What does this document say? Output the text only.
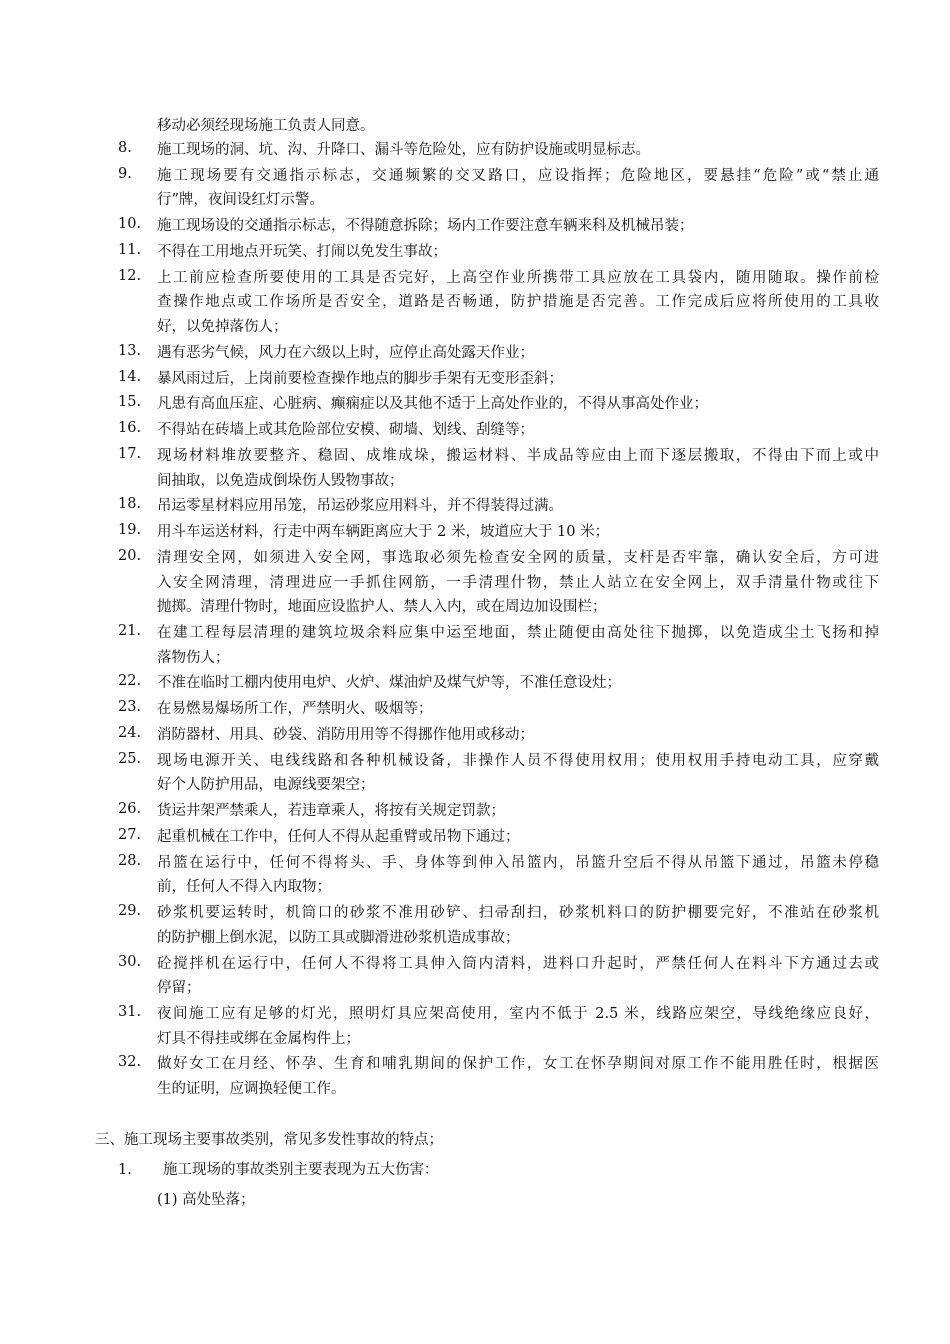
移动必须经现场施工负责人同意。
8.	施工现场的洞、坑、沟、升降口、漏斗等危险处，应有防护设施或明显标志。
9.	施工现场要有交通指示标志，交通频繁的交叉路口，应设指挥；危险地区，要悬挂“危险”或“禁止通
行”牌，夜间设红灯示警。
10.	施工现场设的交通指示标志，不得随意拆除；场内工作要注意车辆来科及机械吊装；
11.	不得在工用地点开玩笑、打闹以免发生事故；
12.	上工前应检查所要使用的工具是否完好，上高空作业所携带工具应放在工具袋内，随用随取。操作前检
查操作地点或工作场所是否安全，道路是否畅通，防护措施是否完善。工作完成后应将所使用的工具收
好，以免掉落伤人；
13.	遇有恶劣气候，风力在六级以上时，应停止高处露天作业；
14.	暴风雨过后，上岗前要检查操作地点的脚步手架有无变形歪斜；
15.	凡患有高血压症、心脏病、癫痫症以及其他不适于上高处作业的，不得从事高处作业；
16.	不得站在砖墙上或其危险部位安模、砌墙、划线、刮缝等；
17.	现场材料堆放要整齐、稳固、成堆成垛，搬运材料、半成品等应由上而下逐层搬取，不得由下而上或中
间抽取，以免造成倒垛伤人毁物事故；
18.	吊运零星材料应用吊笼，吊运砂浆应用料斗，并不得装得过满。
19.	用斗车运送材料，行走中两车辆距离应大于 2 米，坡道应大于 10 米；
20.	清理安全网，如须进入安全网，事选取必须先检查安全网的质量，支杆是否牢靠，确认安全后，方可进
入安全网清理，清理进应一手抓住网筋，一手清理什物，禁止人站立在安全网上，双手清量什物或往下
抛掷。清理什物时，地面应设监护人、禁人入内，或在周边加设围栏；
21.	在建工程每层清理的建筑垃圾余料应集中运至地面，禁止随便由高处往下抛掷，以免造成尘土飞扬和掉
落物伤人；
22.	不准在临时工棚内使用电炉、火炉、煤油炉及煤气炉等，不准任意设灶；
23.	在易燃易爆场所工作，严禁明火、吸烟等；
24.	消防器材、用具、砂袋、消防用用等不得挪作他用或移动；
25.	现场电源开关、电线线路和各种机械设备，非操作人员不得使用权用；使用权用手持电动工具，应穿戴
好个人防护用品，电源线要架空；
26.	货运井架严禁乘人，若违章乘人，将按有关规定罚款；
27.	起重机械在工作中，任何人不得从起重臂或吊物下通过；
28.	吊篮在运行中，任何不得将头、手、身体等到伸入吊篮内，吊篮升空后不得从吊篮下通过，吊篮未停稳
前，任何人不得入内取物；
29.	砂浆机要运转时，机筒口的砂浆不准用砂铲、扫帚刮扫，砂浆机料口的防护棚要完好，不准站在砂浆机
的防护棚上倒水泥，以防工具或脚滑进砂浆机造成事故；
30.	砼搅拌机在运行中，任何人不得将工具伸入筒内清料，进料口升起时，严禁任何人在料斗下方通过去或
停留；
31.	夜间施工应有足够的灯光，照明灯具应架高使用，室内不低于 2.5 米，线路应架空，导线绝缘应良好，
灯具不得挂或绑在金属构件上；
32.	做好女工在月经、怀孕、生育和哺乳期间的保护工作，女工在怀孕期间对原工作不能用胜任时，根据医
生的证明，应调换轻便工作。
三、施工现场主要事故类别，常见多发性事故的特点；
1. 施工现场的事故类别主要表现为五大伤害：
(1) 高处坠落；
